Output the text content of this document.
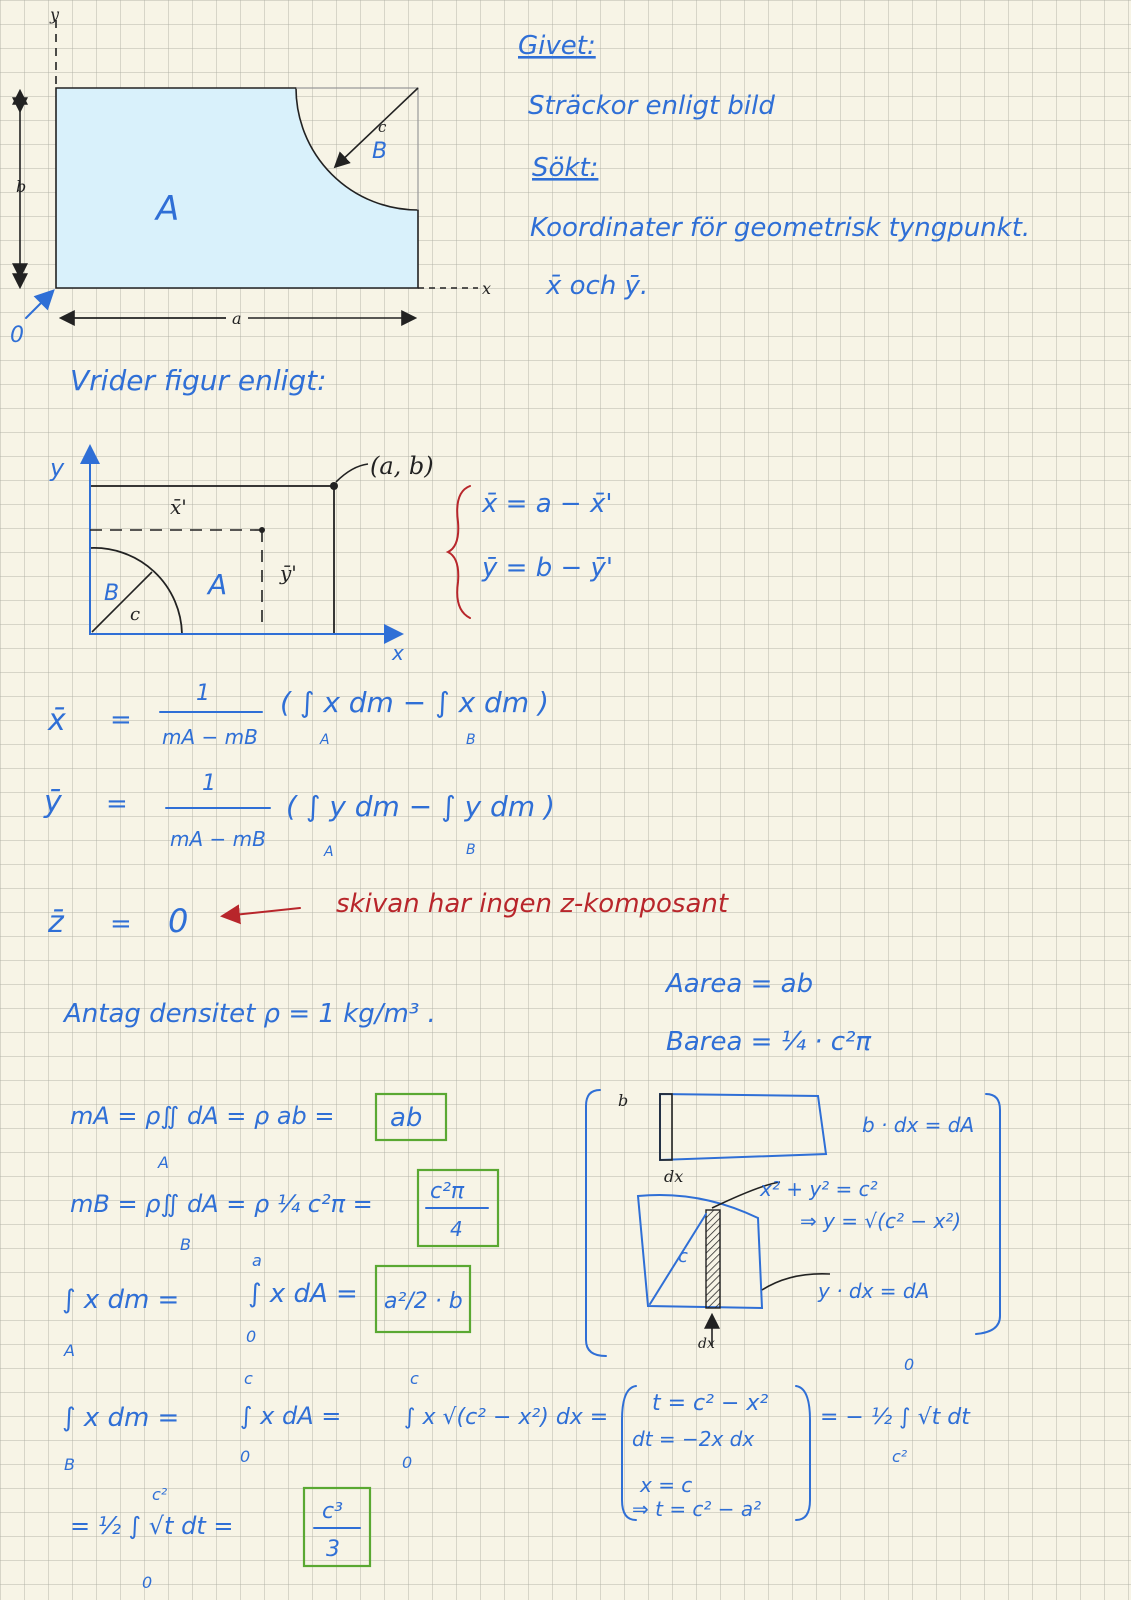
y
x
b
a
c
0
A
B
Givet:
Sträckor enligt bild
Sökt:
Koordinater för geometrisk tyngpunkt.
x̄ och ȳ.
Vrider figur enligt:
y
x
(a, b)
x̄'
ȳ'
A
B
c
x̄ = a − x̄'
ȳ = b − ȳ'
x̄ =
1
mA − mB
( ∫ x dm − ∫ x dm )
A	B
ȳ =
1
mA − mB
( ∫ y dm − ∫ y dm )
A	B
z̄ = 0	skivan har ingen z-komposant
Antag densitet ρ = 1 kg/m³ .
Aarea = ab
Barea = ¼ · c²π
mA = ρ∬ dA = ρ ab =
A
ab
mB = ρ∬ dA = ρ ¼ c²π =
B
c²π
4
∫ x dm =
A
∫ x dA =
a
0
a²/2 · b
∫ x dm =
B
∫ x dA =
c
0
∫ x √(c² − x²) dx =
c
0
t = c² − x²
dt = −2x dx
x = c
⇒ t = c² − a²
= − ½ ∫ √t dt
0
c²
= ½ ∫ √t dt =
c²
0
c³
3
b
dx
b · dx = dA
x² + y² = c²
⇒ y = √(c² − x²)
c
dx
y · dx = dA
